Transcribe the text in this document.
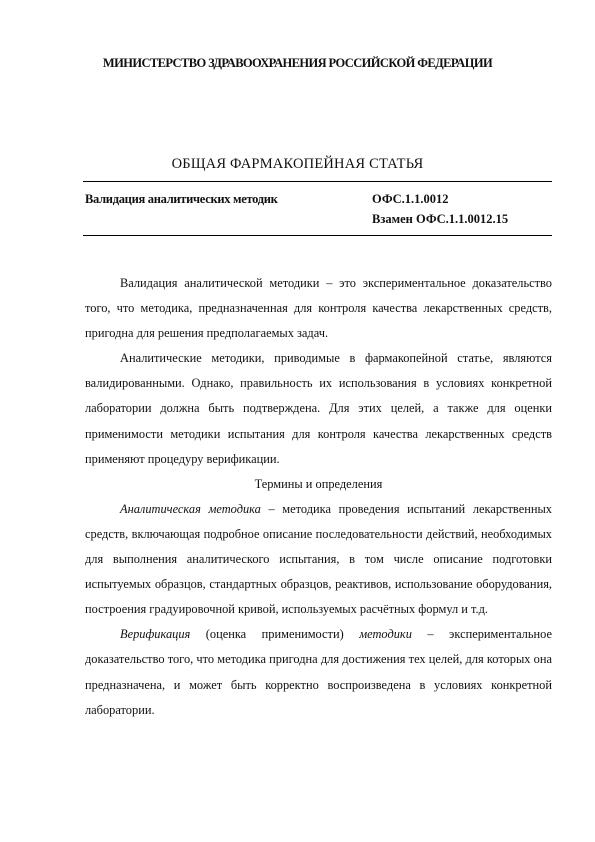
МИНИСТЕРСТВО ЗДРАВООХРАНЕНИЯ РОССИЙСКОЙ ФЕДЕРАЦИИ
ОБЩАЯ ФАРМАКОПЕЙНАЯ СТАТЬЯ
Валидация аналитических методик	ОФС.1.1.0012
Взамен ОФС.1.1.0012.15

Валидация аналитической методики – это экспериментальное доказательство того, что методика, предназначенная для контроля качества лекарственных средств, пригодна для решения предполагаемых задач.

Аналитические методики, приводимые в фармакопейной статье, являются валидированными. Однако, правильность их использования в условиях конкретной лаборатории должна быть подтверждена. Для этих целей, а также для оценки применимости методики испытания для контроля качества лекарственных средств применяют процедуру верификации.

Термины и определения

Аналитическая методика – методика проведения испытаний лекарственных средств, включающая подробное описание последовательности действий, необходимых для выполнения аналитического испытания, в том числе описание подготовки испытуемых образцов, стандартных образцов, реактивов, использование оборудования, построения градуировочной кривой, используемых расчётных формул и т.д.

Верификация (оценка применимости) методики – экспериментальное доказательство того, что методика пригодна для достижения тех целей, для которых она предназначена, и может быть корректно воспроизведена в условиях конкретной лаборатории.
